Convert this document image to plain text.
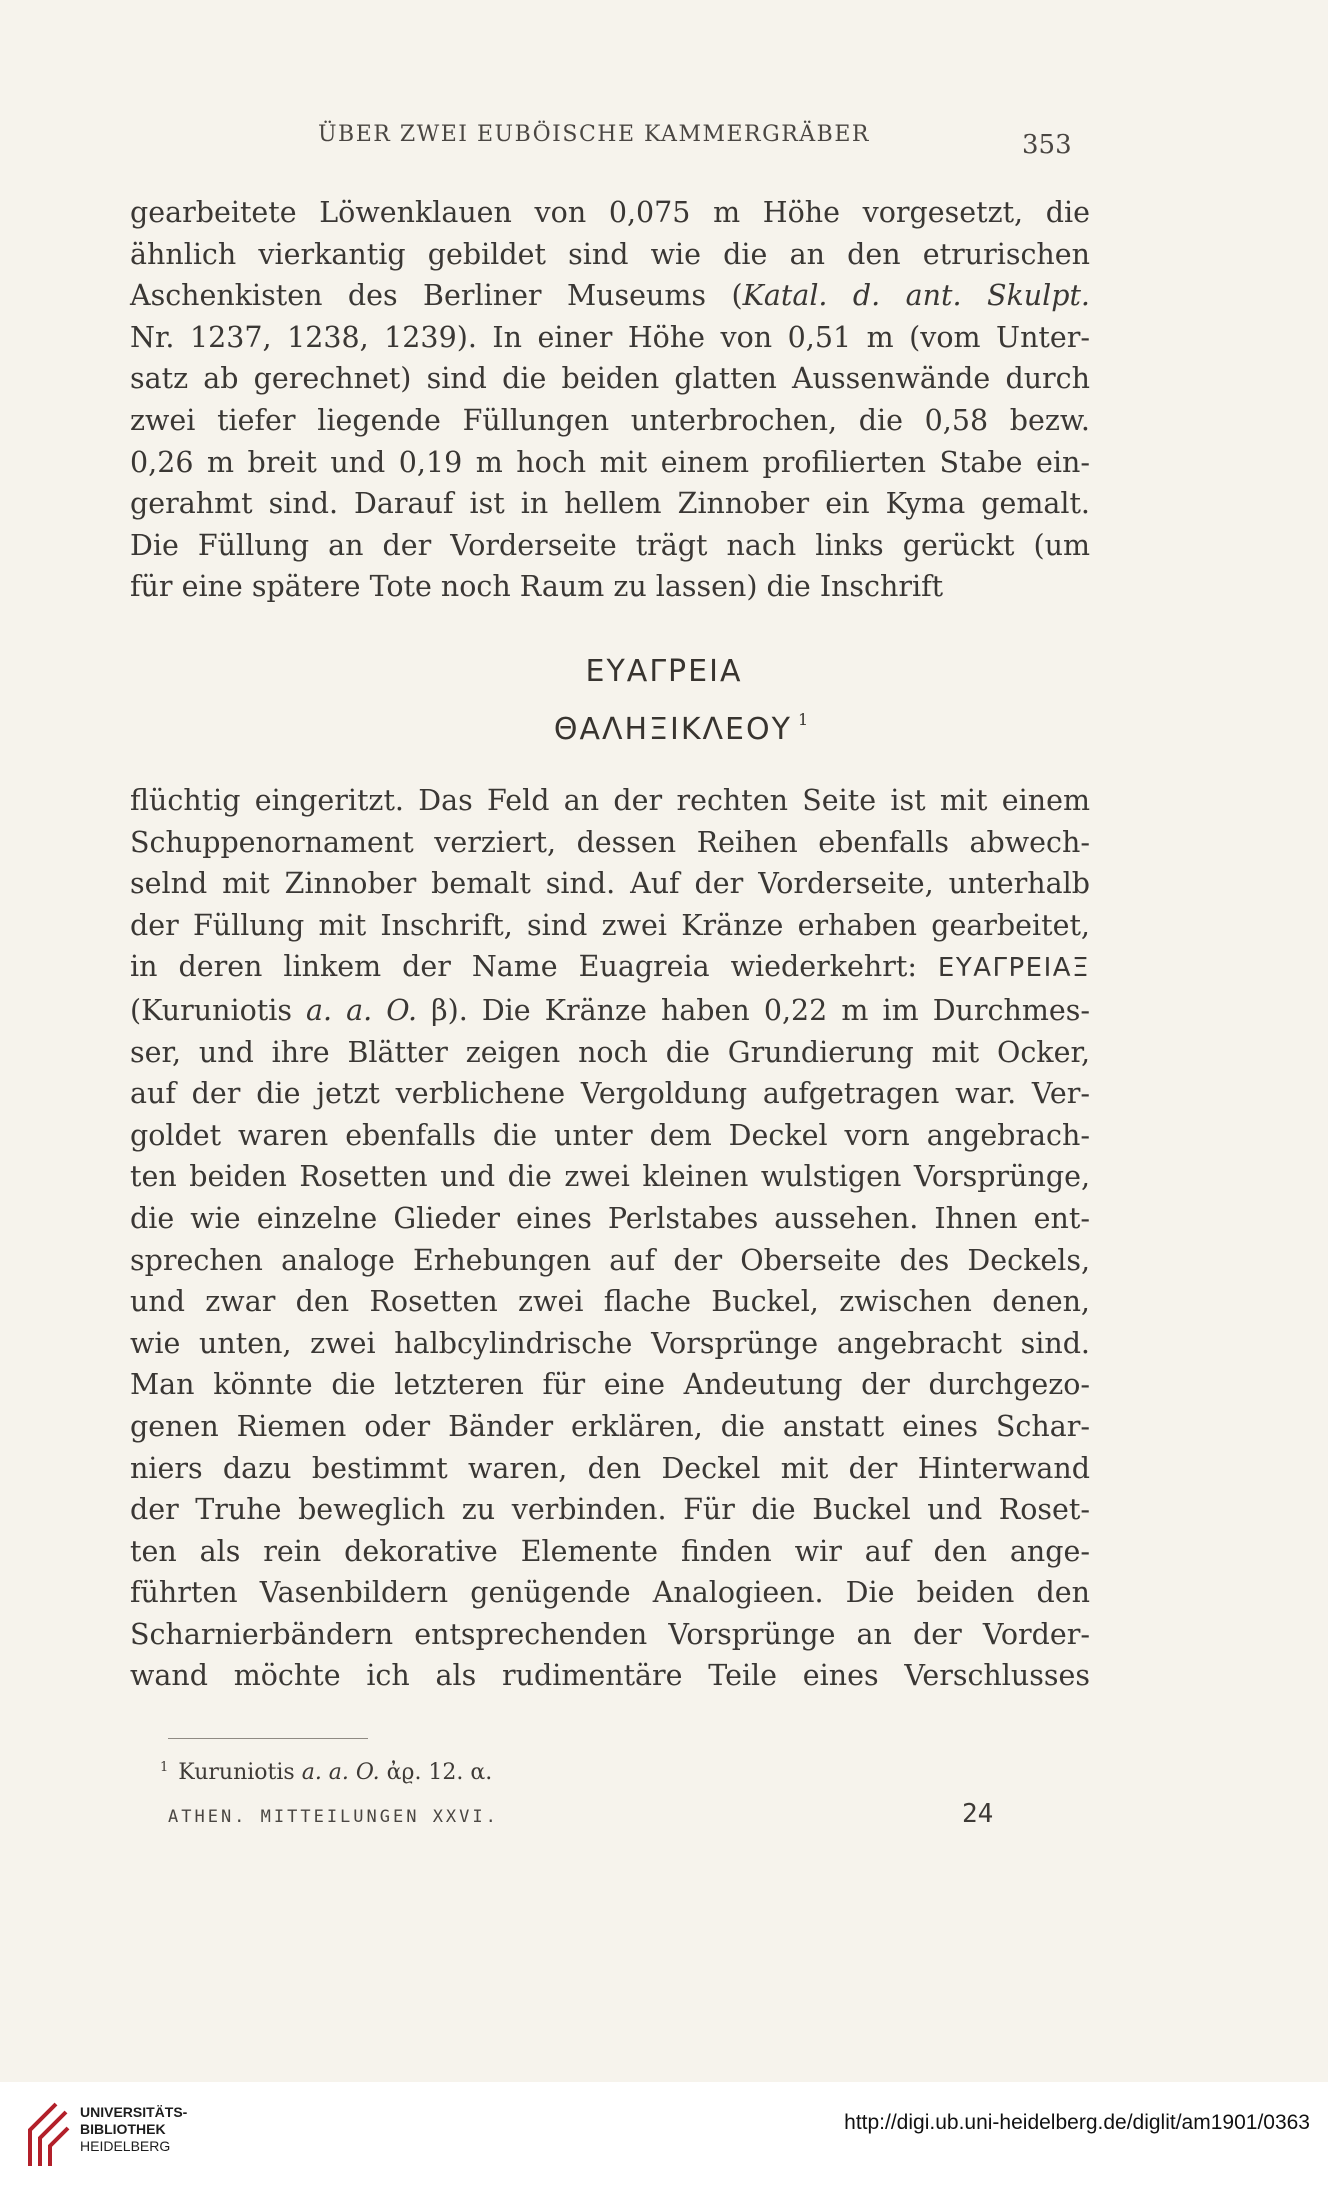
ÜBER ZWEI EUBÖISCHE KAMMERGRÄBER	353
gearbeitete Löwenklauen von 0,075 m Höhe vorgesetzt, die
ähnlich vierkantig gebildet sind wie die an den etrurischen
Aschenkisten des Berliner Museums (Katal. d. ant. Skulpt.
Nr. 1237, 1238, 1239). In einer Höhe von 0,51 m (vom Unter-
satz ab gerechnet) sind die beiden glatten Aussenwände durch
zwei tiefer liegende Füllungen unterbrochen, die 0,58 bezw.
0,26 m breit und 0,19 m hoch mit einem profilierten Stabe ein-
gerahmt sind. Darauf ist in hellem Zinnober ein Kyma gemalt.
Die Füllung an der Vorderseite trägt nach links gerückt (um
für eine spätere Tote noch Raum zu lassen) die Inschrift
ΕΥΑΓΡΕΙΑ
ΘΑΛΗΞΙΚΛΕΟΥ $^1$
flüchtig eingeritzt. Das Feld an der rechten Seite ist mit einem
Schuppenornament verziert, dessen Reihen ebenfalls abwech-
selnd mit Zinnober bemalt sind. Auf der Vorderseite, unterhalb
der Füllung mit Inschrift, sind zwei Kränze erhaben gearbeitet,
in deren linkem der Name Euagreia wiederkehrt: ΕΥΑΓΡΕΙΑΞ
(Kuruniotis a. a. O. β). Die Kränze haben 0,22 m im Durchmes-
ser, und ihre Blätter zeigen noch die Grundierung mit Ocker,
auf der die jetzt verblichene Vergoldung aufgetragen war. Ver-
goldet waren ebenfalls die unter dem Deckel vorn angebrach-
ten beiden Rosetten und die zwei kleinen wulstigen Vorsprünge,
die wie einzelne Glieder eines Perlstabes aussehen. Ihnen ent-
sprechen analoge Erhebungen auf der Oberseite des Deckels,
und zwar den Rosetten zwei flache Buckel, zwischen denen,
wie unten, zwei halbcylindrische Vorsprünge angebracht sind.
Man könnte die letzteren für eine Andeutung der durchgezo-
genen Riemen oder Bänder erklären, die anstatt eines Schar-
niers dazu bestimmt waren, den Deckel mit der Hinterwand
der Truhe beweglich zu verbinden. Für die Buckel und Roset-
ten als rein dekorative Elemente finden wir auf den ange-
führten Vasenbildern genügende Analogieen. Die beiden den
Scharnierbändern entsprechenden Vorsprünge an der Vorder-
wand möchte ich als rudimentäre Teile eines Verschlusses
$^1$ Kuruniotis a. a. O. ἀϱ. 12. α.
ATHEN. MITTEILUNGEN XXVI.	24
UNIVERSITÄTS-
BIBLIOTHEK
HEIDELBERG
http://digi.ub.uni-heidelberg.de/diglit/am1901/0363
